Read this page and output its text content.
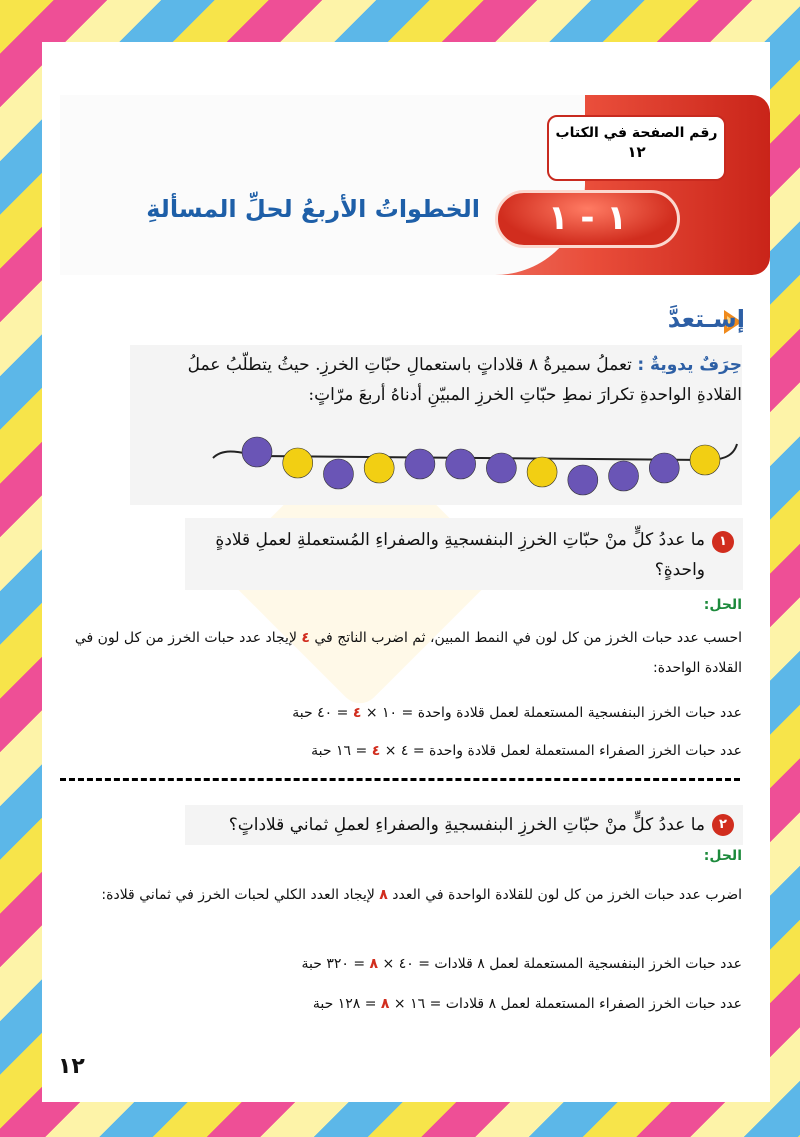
رقم الصفحة في الكتاب
١٢
١ - ١
الخطواتُ الأربعُ لحلِّ المسألةِ
إسـتعدَّ
حِرَفٌ يدويةٌ : تعملُ سميرةُ ٨ قلاداتٍ باستعمالِ حبّاتِ الخرزِ. حيثُ يتطلّبُ عملُ القلادةِ الواحدةِ تكرارَ نمطِ حبّاتِ الخرزِ المبيّنِ أدناهُ أربعَ مرّاتٍ:
١
ما عددُ كلٍّ منْ حبّاتِ الخرزِ البنفسجيةِ والصفراءِ المُستعملةِ لعملِ قلادةٍ واحدةٍ؟
الحل:
احسب عدد حبات الخرز من كل لون في النمط المبين، ثم اضرب الناتج في ٤ لإيجاد عدد حبات الخرز من كل لون في القلادة الواحدة:
عدد حبات الخرز البنفسجية المستعملة لعمل قلادة واحدة = ١٠ × ٤ = ٤٠ حبة
عدد حبات الخرز الصفراء المستعملة لعمل قلادة واحدة = ٤ × ٤ = ١٦ حبة
٢
ما عددُ كلٍّ منْ حبّاتِ الخرزِ البنفسجيةِ والصفراءِ لعملِ ثماني قلاداتٍ؟
الحل:
اضرب عدد حبات الخرز من كل لون للقلادة الواحدة في العدد ٨ لإيجاد العدد الكلي لحبات الخرز في ثماني قلادة:
عدد حبات الخرز البنفسجية المستعملة لعمل ٨ قلادات = ٤٠ × ٨ = ٣٢٠ حبة
عدد حبات الخرز الصفراء المستعملة لعمل ٨ قلادات = ١٦ × ٨ = ١٢٨ حبة
١٢
